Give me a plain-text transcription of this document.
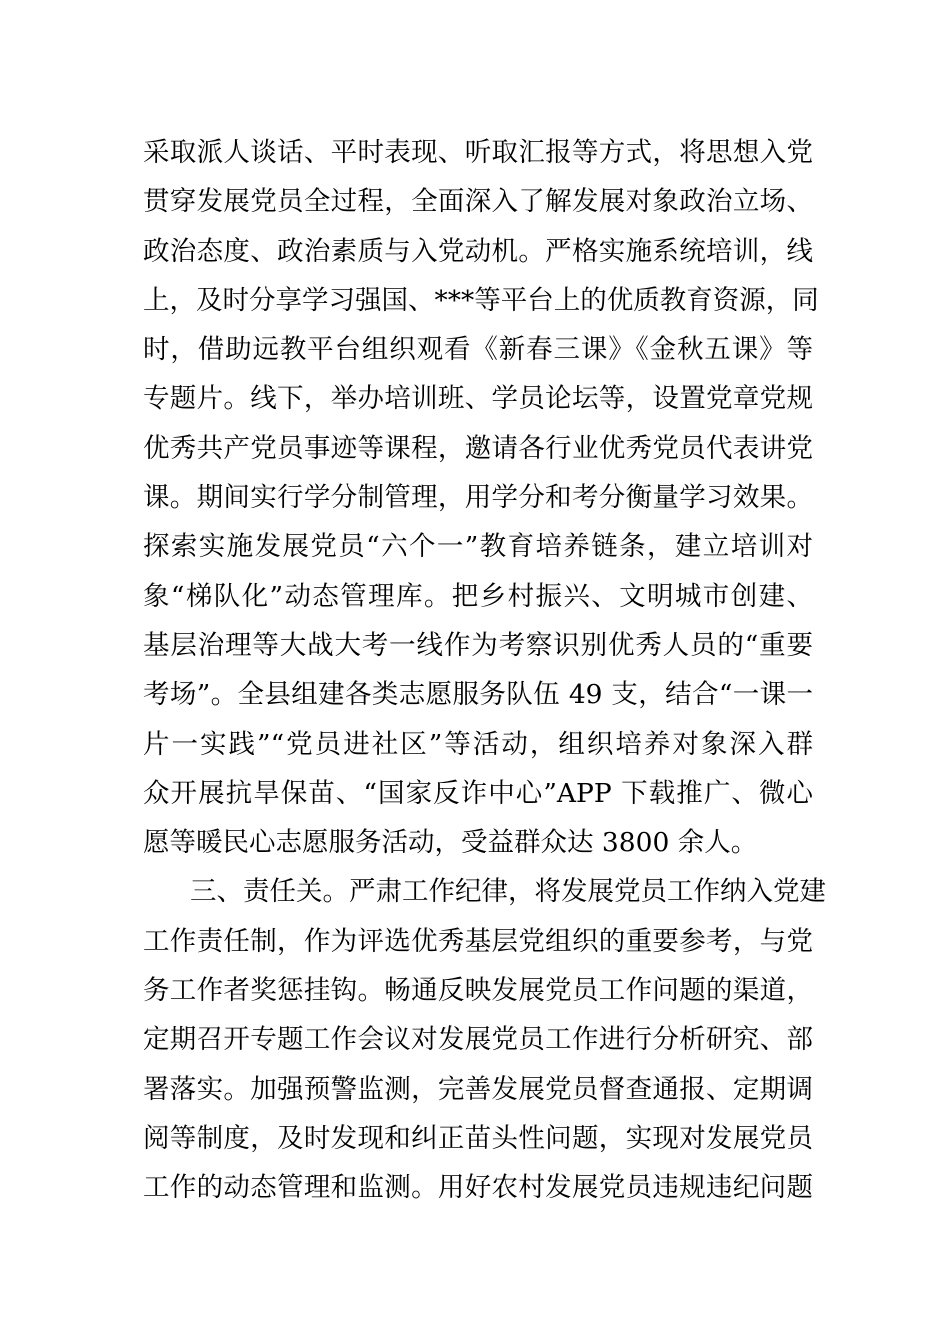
采取派人谈话、平时表现、听取汇报等方式，将思想入党
贯穿发展党员全过程，全面深入了解发展对象政治立场、
政治态度、政治素质与入党动机。严格实施系统培训，线
上，及时分享学习强国、***等平台上的优质教育资源，同
时，借助远教平台组织观看《新春三课》《金秋五课》等
专题片。线下，举办培训班、学员论坛等，设置党章党规
优秀共产党员事迹等课程，邀请各行业优秀党员代表讲党
课。期间实行学分制管理，用学分和考分衡量学习效果。
探索实施发展党员“六个一”教育培养链条，建立培训对
象“梯队化”动态管理库。把乡村振兴、文明城市创建、
基层治理等大战大考一线作为考察识别优秀人员的“重要
考场”。全县组建各类志愿服务队伍 49 支，结合“一课一
片一实践”“党员进社区”等活动，组织培养对象深入群
众开展抗旱保苗、“国家反诈中心”APP 下载推广、微心
愿等暖民心志愿服务活动，受益群众达 3800 余人。
三、责任关。严肃工作纪律，将发展党员工作纳入党建
工作责任制，作为评选优秀基层党组织的重要参考，与党
务工作者奖惩挂钩。畅通反映发展党员工作问题的渠道，
定期召开专题工作会议对发展党员工作进行分析研究、部
署落实。加强预警监测，完善发展党员督查通报、定期调
阅等制度，及时发现和纠正苗头性问题，实现对发展党员
工作的动态管理和监测。用好农村发展党员违规违纪问题
